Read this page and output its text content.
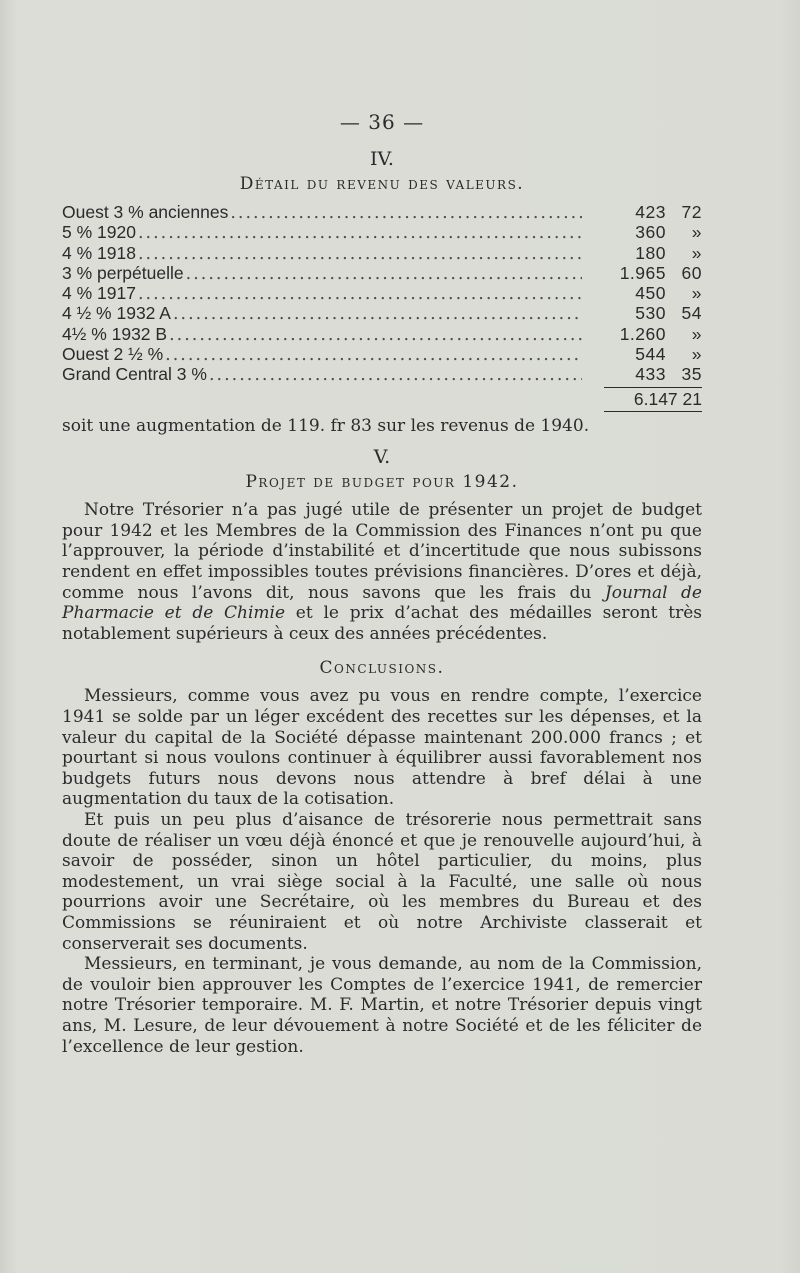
— 36 —
IV.
Détail du revenu des valeurs.
Ouest 3 % anciennes .....	423 72
5 % 1920 .....	360	»
4 % 1918 .....	180	»
3 % perpétuelle .....	1.965 60
4 % 1917 .....	450	»
4 ½ % 1932 A .....	530 54
4½ % 1932 B .....	1.260	»
Ouest 2 ½ % .....	544	»
Grand Central 3 % .....	433 35
6.147 21

soit une augmentation de 119. fr 83 sur les revenus de 1940.

V.
Projet de budget pour 1942.

Notre Trésorier n’a pas jugé utile de présenter un projet de budget pour 1942 et les Membres de la Commission des Finances n’ont pu que l’approuver, la période d’instabilité et d’incertitude que nous subissons rendent en effet impossibles toutes prévisions financières. D’ores et déjà, comme nous l’avons dit, nous savons que les frais du Journal de Pharmacie et de Chimie et le prix d’achat des médailles seront très notablement supérieurs à ceux des années précédentes.

Conclusions.

Messieurs, comme vous avez pu vous en rendre compte, l’exercice 1941 se solde par un léger excédent des recettes sur les dépenses, et la valeur du capital de la Société dépasse maintenant 200.000 francs ; et pourtant si nous voulons continuer à équilibrer aussi favorablement nos budgets futurs nous devons nous attendre à bref délai à une augmentation du taux de la cotisation.

Et puis un peu plus d’aisance de trésorerie nous permettrait sans doute de réaliser un vœu déjà énoncé et que je renouvelle aujourd’hui, à savoir de posséder, sinon un hôtel particulier, du moins, plus modestement, un vrai siège social à la Faculté, une salle où nous pourrions avoir une Secrétaire, où les membres du Bureau et des Commissions se réuniraient et où notre Archiviste classerait et conserverait ses documents.

Messieurs, en terminant, je vous demande, au nom de la Commission, de vouloir bien approuver les Comptes de l’exercice 1941, de remercier notre Trésorier temporaire. M. F. Martin, et notre Trésorier depuis vingt ans, M. Lesure, de leur dévouement à notre Société et de les féliciter de l’excellence de leur gestion.
